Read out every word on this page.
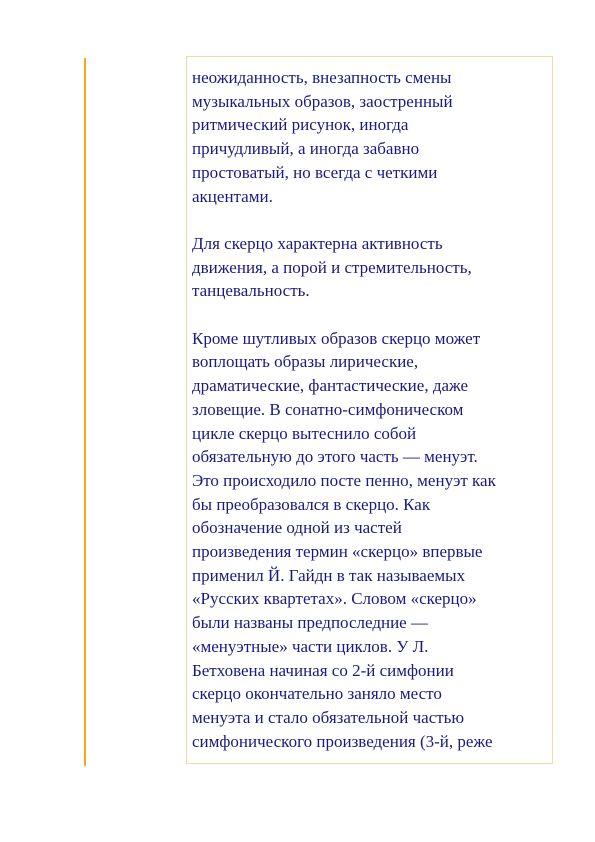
неожиданность, внезапность смены
музыкальных образов, заостренный
ритмический рисунок, иногда
причудливый, а иногда забавно
простоватый, но всегда с четкими
акцентами.

Для скерцо характерна активность
движения, а порой и стремительность,
танцевальность.

Кроме шутливых образов скерцо может
воплощать образы лирические,
драматические, фантастические, даже
зловещие. В сонатно-симфоническом
цикле скерцо вытеснило собой
обязательную до этого часть — менуэт.
Это происходило посте пенно, менуэт как
бы преобразовался в скерцо. Как
обозначение одной из частей
произведения термин «скерцо» впервые
применил Й. Гайдн в так называемых
«Русских квартетах». Словом «скерцо»
были названы предпоследние —
«менуэтные» части циклов. У Л.
Бетховена начиная со 2-й симфонии
скерцо окончательно заняло место
менуэта и стало обязательной частью
симфонического произведения (3-й, реже
